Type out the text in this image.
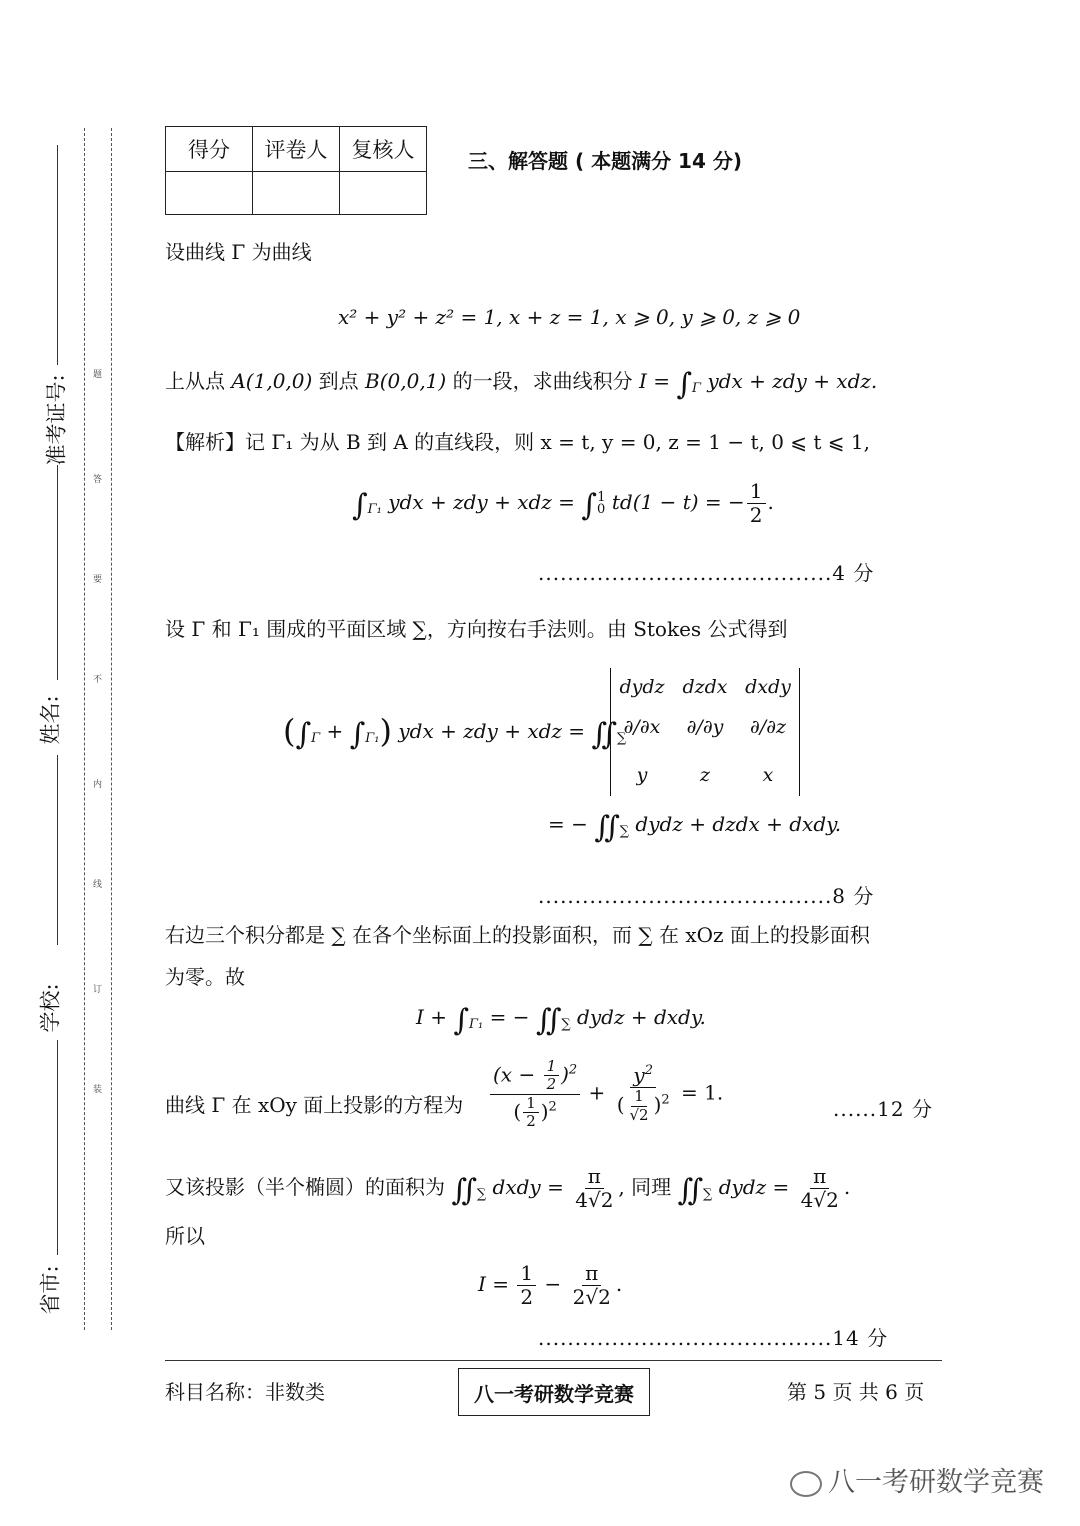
准考证号:
姓名:
学校:
省市:
题
答
要
不
内
线
订
装
得分	评卷人	复核人
			三、解答题 ( 本题满分 14 分)
设曲线 Γ 为曲线
x² + y² + z² = 1, x + z = 1, x ⩾ 0, y ⩾ 0, z ⩾ 0
上从点 A(1,0,0) 到点 B(0,0,1) 的一段，求曲线积分 $I = \int_\Gamma$ ydx + zdy + xdz.
【解析】记 Γ₁ 为从 B 到 A 的直线段，则 x = t, y = 0, z = 1 − t, 0 ⩽ t ⩽ 1,
$\int_{\Gamma_1}$ ydx + zdy + xdz = $\int_0^1$ td(1 − t) = − $\frac{1}{2}$ .
........................................4 分
设 Γ 和 Γ₁ 围成的平面区域 ∑，方向按右手法则。由 Stokes 公式得到
$(\int_\Gamma + \int_{\Gamma_1})$ ydx + zdy + xdz = $∬_\sum$
dydz dzdx dxdy
∂/∂x	∂/∂y	∂/∂z
y	z	x
= − $∬_\sum$ dydz + dzdx + dxdy.
........................................8 分
右边三个积分都是 ∑ 在各个坐标面上的投影面积，而 ∑ 在 xOz 面上的投影面积
为零。故
$I + \int_{\Gamma_1}$ = − $∬_\sum$ dydz + dxdy.
曲线 Γ 在 xOy 面上投影的方程为 $\frac{(x - \frac{1}{2} )^2}{( \frac{1}{2} )^2} + \frac{y^2}{( \frac{1}{√2} )^2} = 1$.
......12 分
又该投影（半个椭圆）的面积为 $∬_\sum$ dxdy = $\frac{\pi}{4√2}$ , 同理 $∬_\sum$ dydz = $\frac{\pi}{4√2}$ .
所以
$I = \frac{1}{2} - \frac{\pi}{2√2}$ .
........................................14 分
科目名称：非数类	八一考研数学竞赛	第 5 页 共 6 页
八一考研数学竞赛
